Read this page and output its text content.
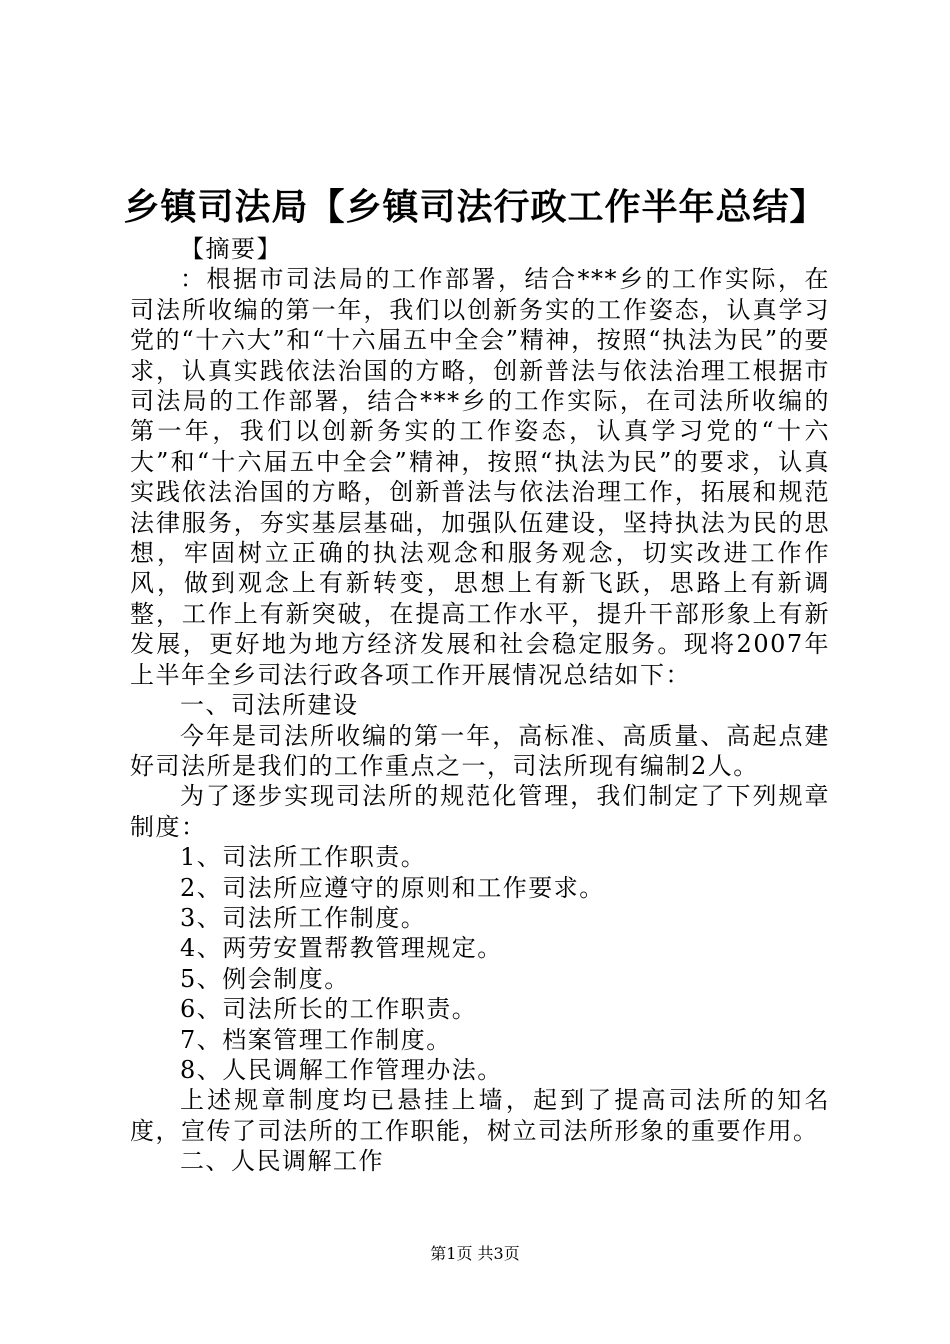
乡镇司法局【乡镇司法行政工作半年总结】

【摘要】

：根据市司法局的工作部署，结合***乡的工作实际，在司法所收编的第一年，我们以创新务实的工作姿态，认真学习党的“十六大”和“十六届五中全会”精神，按照“执法为民”的要求，认真实践依法治国的方略，创新普法与依法治理工根据市司法局的工作部署，结合***乡的工作实际，在司法所收编的第一年，我们以创新务实的工作姿态，认真学习党的“十六大”和“十六届五中全会”精神，按照“执法为民”的要求，认真实践依法治国的方略，创新普法与依法治理工作，拓展和规范法律服务，夯实基层基础，加强队伍建设，坚持执法为民的思想，牢固树立正确的执法观念和服务观念，切实改进工作作风，做到观念上有新转变，思想上有新飞跃，思路上有新调整，工作上有新突破，在提高工作水平，提升干部形象上有新发展，更好地为地方经济发展和社会稳定服务。现将2007年上半年全乡司法行政各项工作开展情况总结如下：

一、司法所建设

今年是司法所收编的第一年，高标准、高质量、高起点建好司法所是我们的工作重点之一，司法所现有编制2人。

为了逐步实现司法所的规范化管理，我们制定了下列规章制度：

1、司法所工作职责。

2、司法所应遵守的原则和工作要求。

3、司法所工作制度。

4、两劳安置帮教管理规定。

5、例会制度。

6、司法所长的工作职责。

7、档案管理工作制度。

8、人民调解工作管理办法。

上述规章制度均已悬挂上墙，起到了提高司法所的知名度，宣传了司法所的工作职能，树立司法所形象的重要作用。

二、人民调解工作

第1页 共3页
